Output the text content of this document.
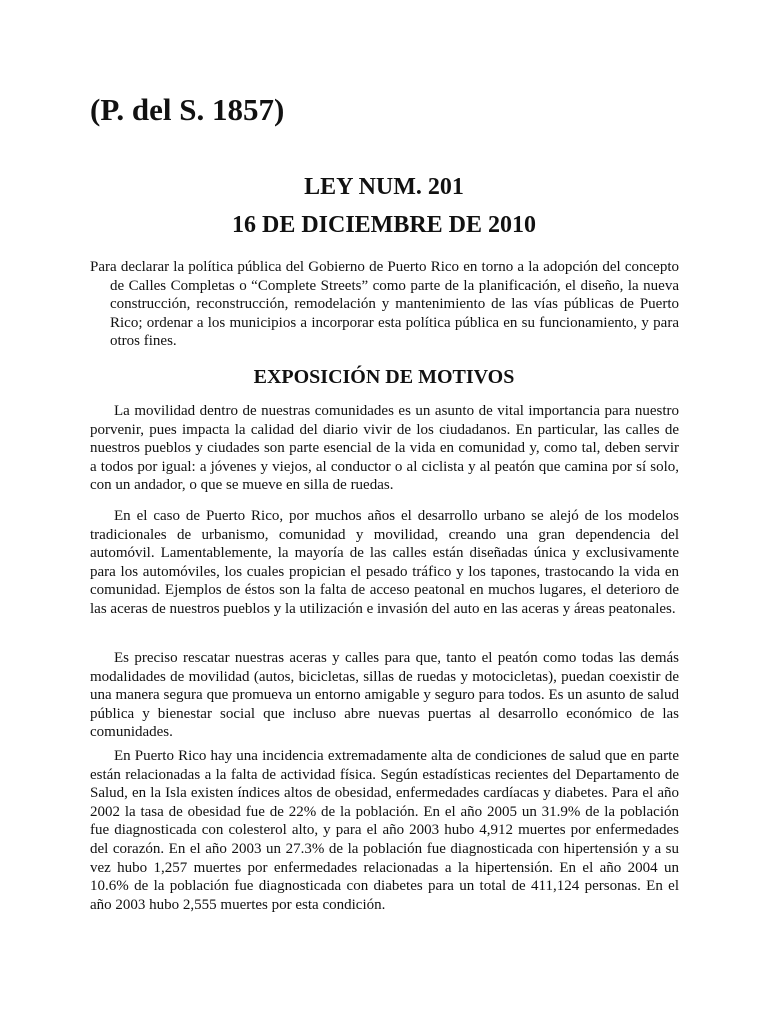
(P. del S. 1857)
LEY NUM. 201
16 DE DICIEMBRE DE 2010

Para declarar la política pública del Gobierno de Puerto Rico en torno a la adopción del concepto de Calles Completas o “Complete Streets” como parte de la planificación, el diseño, la nueva construcción, reconstrucción, remodelación y mantenimiento de las vías públicas de Puerto Rico; ordenar a los municipios a incorporar esta política pública en su funcionamiento, y para otros fines.

EXPOSICIÓN DE MOTIVOS

La movilidad dentro de nuestras comunidades es un asunto de vital importancia para nuestro porvenir, pues impacta la calidad del diario vivir de los ciudadanos. En particular, las calles de nuestros pueblos y ciudades son parte esencial de la vida en comunidad y, como tal, deben servir a todos por igual: a jóvenes y viejos, al conductor o al ciclista y al peatón que camina por sí solo, con un andador, o que se mueve en silla de ruedas.

En el caso de Puerto Rico, por muchos años el desarrollo urbano se alejó de los modelos tradicionales de urbanismo, comunidad y movilidad, creando una gran dependencia del automóvil. Lamentablemente, la mayoría de las calles están diseñadas única y exclusivamente para los automóviles, los cuales propician el pesado tráfico y los tapones, trastocando la vida en comunidad. Ejemplos de éstos son la falta de acceso peatonal en muchos lugares, el deterioro de las aceras de nuestros pueblos y la utilización e invasión del auto en las aceras y áreas peatonales.

Es preciso rescatar nuestras aceras y calles para que, tanto el peatón como todas las demás modalidades de movilidad (autos, bicicletas, sillas de ruedas y motocicletas), puedan coexistir de una manera segura que promueva un entorno amigable y seguro para todos. Es un asunto de salud pública y bienestar social que incluso abre nuevas puertas al desarrollo económico de las comunidades.

En Puerto Rico hay una incidencia extremadamente alta de condiciones de salud que en parte están relacionadas a la falta de actividad física. Según estadísticas recientes del Departamento de Salud, en la Isla existen índices altos de obesidad, enfermedades cardíacas y diabetes. Para el año 2002 la tasa de obesidad fue de 22% de la población. En el año 2005 un 31.9% de la población fue diagnosticada con colesterol alto, y para el año 2003 hubo 4,912 muertes por enfermedades del corazón. En el año 2003 un 27.3% de la población fue diagnosticada con hipertensión y a su vez hubo 1,257 muertes por enfermedades relacionadas a la hipertensión. En el año 2004 un 10.6% de la población fue diagnosticada con diabetes para un total de 411,124 personas. En el año 2003 hubo 2,555 muertes por esta condición.
